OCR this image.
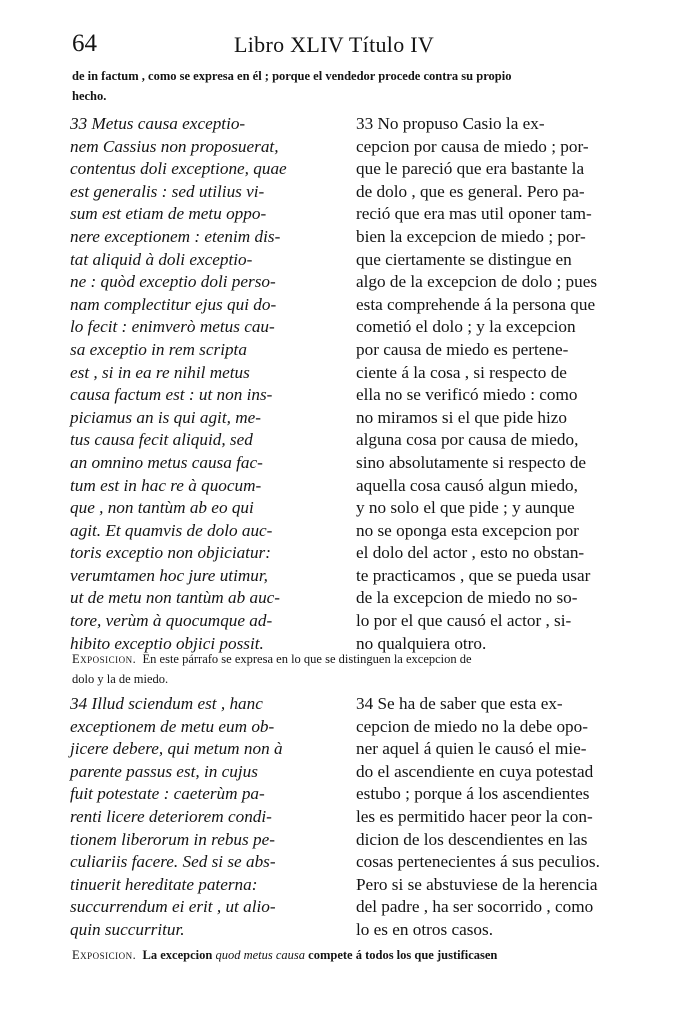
64	Libro XLIV Título IV
de in factum , como se expresa en él ; porque el vendedor procede contra su propio
hecho.
33 Metus causa exceptio-
nem Cassius non proposuerat,
contentus doli exceptione, quae
est generalis : sed utilius vi-
sum est etiam de metu oppo-
nere exceptionem : etenim dis-
tat aliquid à doli exceptio-
ne : quòd exceptio doli perso-
nam complectitur ejus qui do-
lo fecit : enimverò metus cau-
sa exceptio in rem scripta
est , si in ea re nihil metus
causa factum est : ut non ins-
piciamus an is qui agit, me-
tus causa fecit aliquid, sed
an omnino metus causa fac-
tum est in hac re à quocum-
que , non tantùm ab eo qui
agit. Et quamvis de dolo auc-
toris exceptio non objiciatur:
verumtamen hoc jure utimur,
ut de metu non tantùm ab auc-
tore, verùm à quocumque ad-
hibito exceptio objici possit.
33 No propuso Casio la ex-
cepcion por causa de miedo ; por-
que le pareció que era bastante la
de dolo , que es general. Pero pa-
reció que era mas util oponer tam-
bien la excepcion de miedo ; por-
que ciertamente se distingue en
algo de la excepcion de dolo ; pues
esta comprehende á la persona que
cometió el dolo ; y la excepcion
por causa de miedo es pertene-
ciente á la cosa , si respecto de
ella no se verificó miedo : como
no miramos si el que pide hizo
alguna cosa por causa de miedo,
sino absolutamente si respecto de
aquella cosa causó algun miedo,
y no solo el que pide ; y aunque
no se oponga esta excepcion por
el dolo del actor , esto no obstan-
te practicamos , que se pueda usar
de la excepcion de miedo no so-
lo por el que causó el actor , si-
no qualquiera otro.
Exposicion. En este párrafo se expresa en lo que se distinguen la excepcion de
dolo y la de miedo.
34 Illud sciendum est , hanc
exceptionem de metu eum ob-
jicere debere, qui metum non à
parente passus est, in cujus
fuit potestate : caeterùm pa-
renti licere deteriorem condi-
tionem liberorum in rebus pe-
culiariis facere. Sed si se abs-
tinuerit hereditate paterna:
succurrendum ei erit , ut alio-
quin succurritur.
34 Se ha de saber que esta ex-
cepcion de miedo no la debe opo-
ner aquel á quien le causó el mie-
do el ascendiente en cuya potestad
estubo ; porque á los ascendientes
les es permitido hacer peor la con-
dicion de los descendientes en las
cosas pertenecientes á sus peculios.
Pero si se abstuviese de la herencia
del padre , ha ser socorrido , como
lo es en otros casos.
Exposicion. La excepcion quod metus causa compete á todos los que justificasen
